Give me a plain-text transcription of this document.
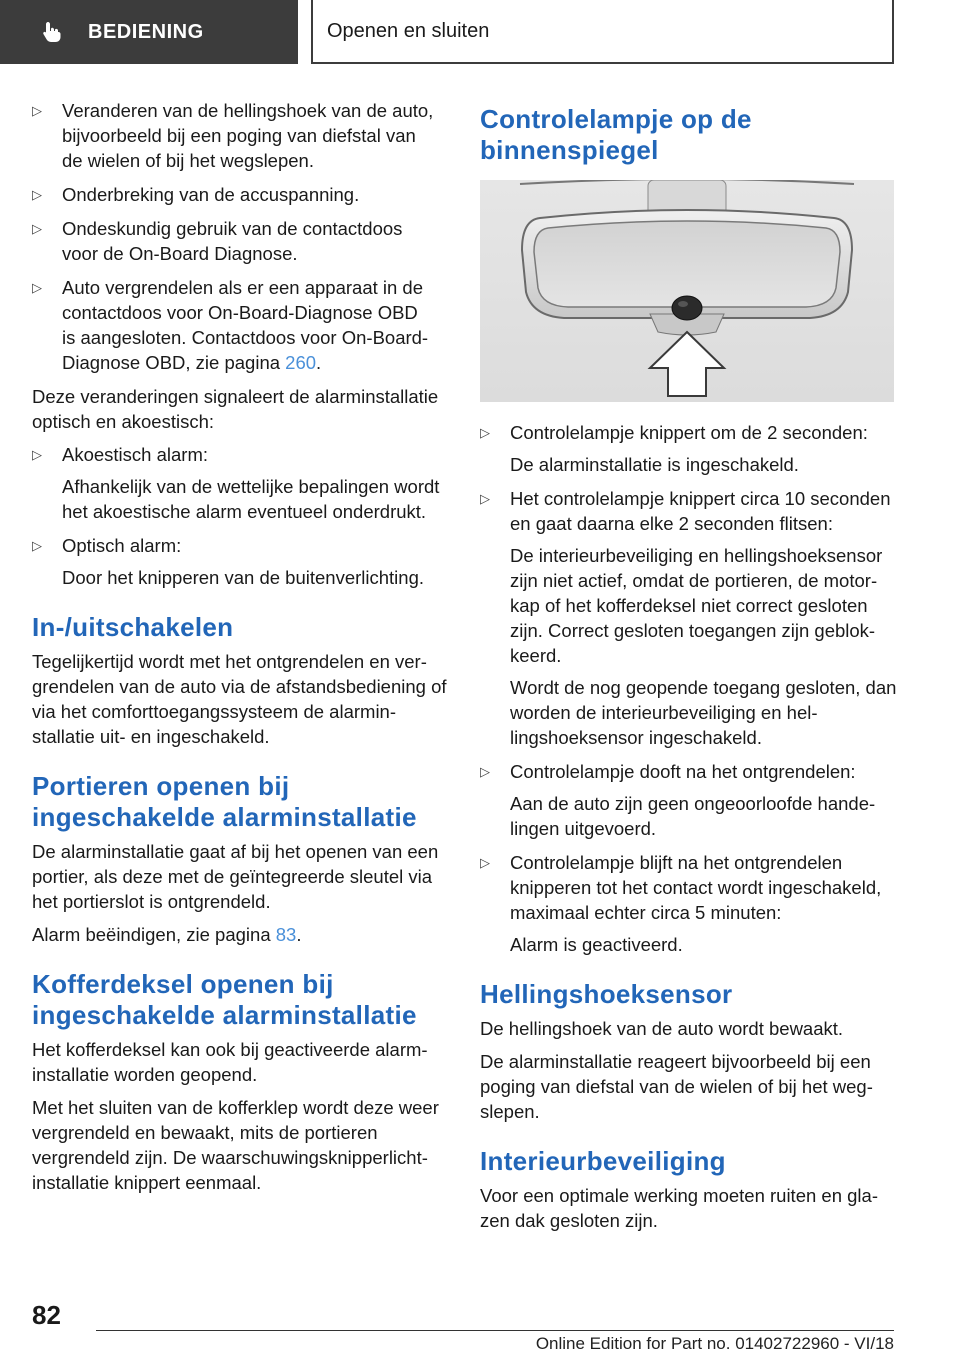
BEDIENING	Openen en sluiten
▷ Veranderen van de hellingshoek van de auto,
bijvoorbeeld bij een poging van diefstal van
de wielen of bij het wegslepen.

▷ Onderbreking van de accuspanning.

▷ Ondeskundig gebruik van de contactdoos
voor de On-Board Diagnose.

▷ Auto vergrendelen als er een apparaat in de
contactdoos voor On-Board-Diagnose OBD
is aangesloten. Contactdoos voor On-Board-
Diagnose OBD, zie pagina 260.

Deze veranderingen signaleert de alarminstallatie optisch en akoestisch:

▷ Akoestisch alarm:

Afhankelijk van de wettelijke bepalingen wordt het akoestische alarm eventueel onderdrukt.

▷ Optisch alarm:

Door het knipperen van de buitenverlichting.

In-/uitschakelen

Tegelijkertijd wordt met het ontgrendelen en vergrendelen van de auto via de afstandsbediening of via het comforttoegangssysteem de alarminstallatie uit- en ingeschakeld.

Portieren openen bij
ingeschakelde alarminstallatie

De alarminstallatie gaat af bij het openen van een portier, als deze met de geïntegreerde sleutel via het portierslot is ontgrendeld.

Alarm beëindigen, zie pagina 83.

Kofferdeksel openen bij
ingeschakelde alarminstallatie

Het kofferdeksel kan ook bij geactiveerde alarminstallatie worden geopend.

Met het sluiten van de kofferklep wordt deze weer vergrendeld en bewaakt, mits de portieren vergrendeld zijn. De waarschuwingsknipperlichtinstallatie knippert eenmaal.

Controlelampje op de
binnenspiegel
▷ Controlelampje knippert om de 2 seconden:

De alarminstallatie is ingeschakeld.

▷ Het controlelampje knippert circa 10 seconden en gaat daarna elke 2 seconden flitsen:

De interieurbeveiliging en hellingshoeksensor zijn niet actief, omdat de portieren, de motorkap of het kofferdeksel niet correct gesloten zijn. Correct gesloten toegangen zijn geblokkeerd.

Wordt de nog geopende toegang gesloten, dan worden de interieurbeveiliging en hellingshoeksensor ingeschakeld.

▷ Controlelampje dooft na het ontgrendelen:

Aan de auto zijn geen ongeoorloofde handelingen uitgevoerd.

▷ Controlelampje blijft na het ontgrendelen knipperen tot het contact wordt ingeschakeld, maximaal echter circa 5 minuten:

Alarm is geactiveerd.

Hellingshoeksensor

De hellingshoek van de auto wordt bewaakt.

De alarminstallatie reageert bijvoorbeeld bij een poging van diefstal van de wielen of bij het wegslepen.

Interieurbeveiliging

Voor een optimale werking moeten ruiten en glazen dak gesloten zijn.

82
Online Edition for Part no. 01402722960 - VI/18
